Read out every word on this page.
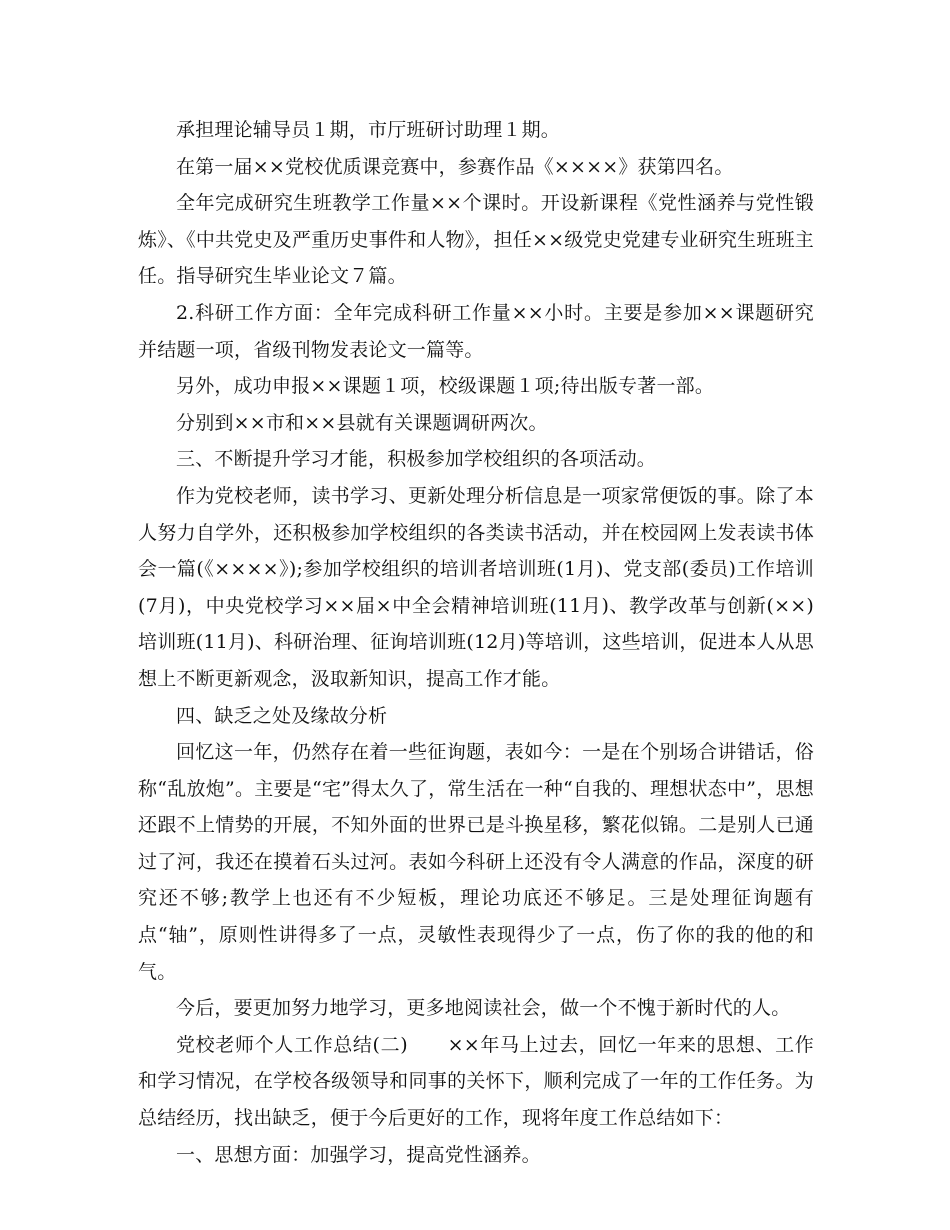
承担理论辅导员１期，市厅班研讨助理１期。

在第一届××党校优质课竞赛中，参赛作品《××××》获第四名。

全年完成研究生班教学工作量××个课时。开设新课程《党性涵养与党性锻炼》、《中共党史及严重历史事件和人物》，担任××级党史党建专业研究生班班主任。指导研究生毕业论文７篇。

2.科研工作方面：全年完成科研工作量××小时。主要是参加××课题研究并结题一项，省级刊物发表论文一篇等。

另外，成功申报××课题１项，校级课题１项;待出版专著一部。

分别到××市和××县就有关课题调研两次。

三、不断提升学习才能，积极参加学校组织的各项活动。

作为党校老师，读书学习、更新处理分析信息是一项家常便饭的事。除了本人努力自学外，还积极参加学校组织的各类读书活动，并在校园网上发表读书体会一篇(《××××》);参加学校组织的培训者培训班(1月)、党支部(委员)工作培训(7月)，中央党校学习××届×中全会精神培训班(11月)、教学改革与创新(××)培训班(11月)、科研治理、征询培训班(12月)等培训，这些培训，促进本人从思想上不断更新观念，汲取新知识，提高工作才能。

四、缺乏之处及缘故分析

回忆这一年，仍然存在着一些征询题，表如今：一是在个别场合讲错话，俗称“乱放炮”。主要是“宅”得太久了，常生活在一种“自我的、理想状态中”，思想还跟不上情势的开展，不知外面的世界已是斗换星移，繁花似锦。二是别人已通过了河，我还在摸着石头过河。表如今科研上还没有令人满意的作品，深度的研究还不够;教学上也还有不少短板，理论功底还不够足。三是处理征询题有点“轴”，原则性讲得多了一点，灵敏性表现得少了一点，伤了你的我的他的和气。

今后，要更加努力地学习，更多地阅读社会，做一个不愧于新时代的人。

党校老师个人工作总结(二)　　××年马上过去，回忆一年来的思想、工作和学习情况，在学校各级领导和同事的关怀下，顺利完成了一年的工作任务。为总结经历，找出缺乏，便于今后更好的工作，现将年度工作总结如下：

一、思想方面：加强学习，提高党性涵养。
